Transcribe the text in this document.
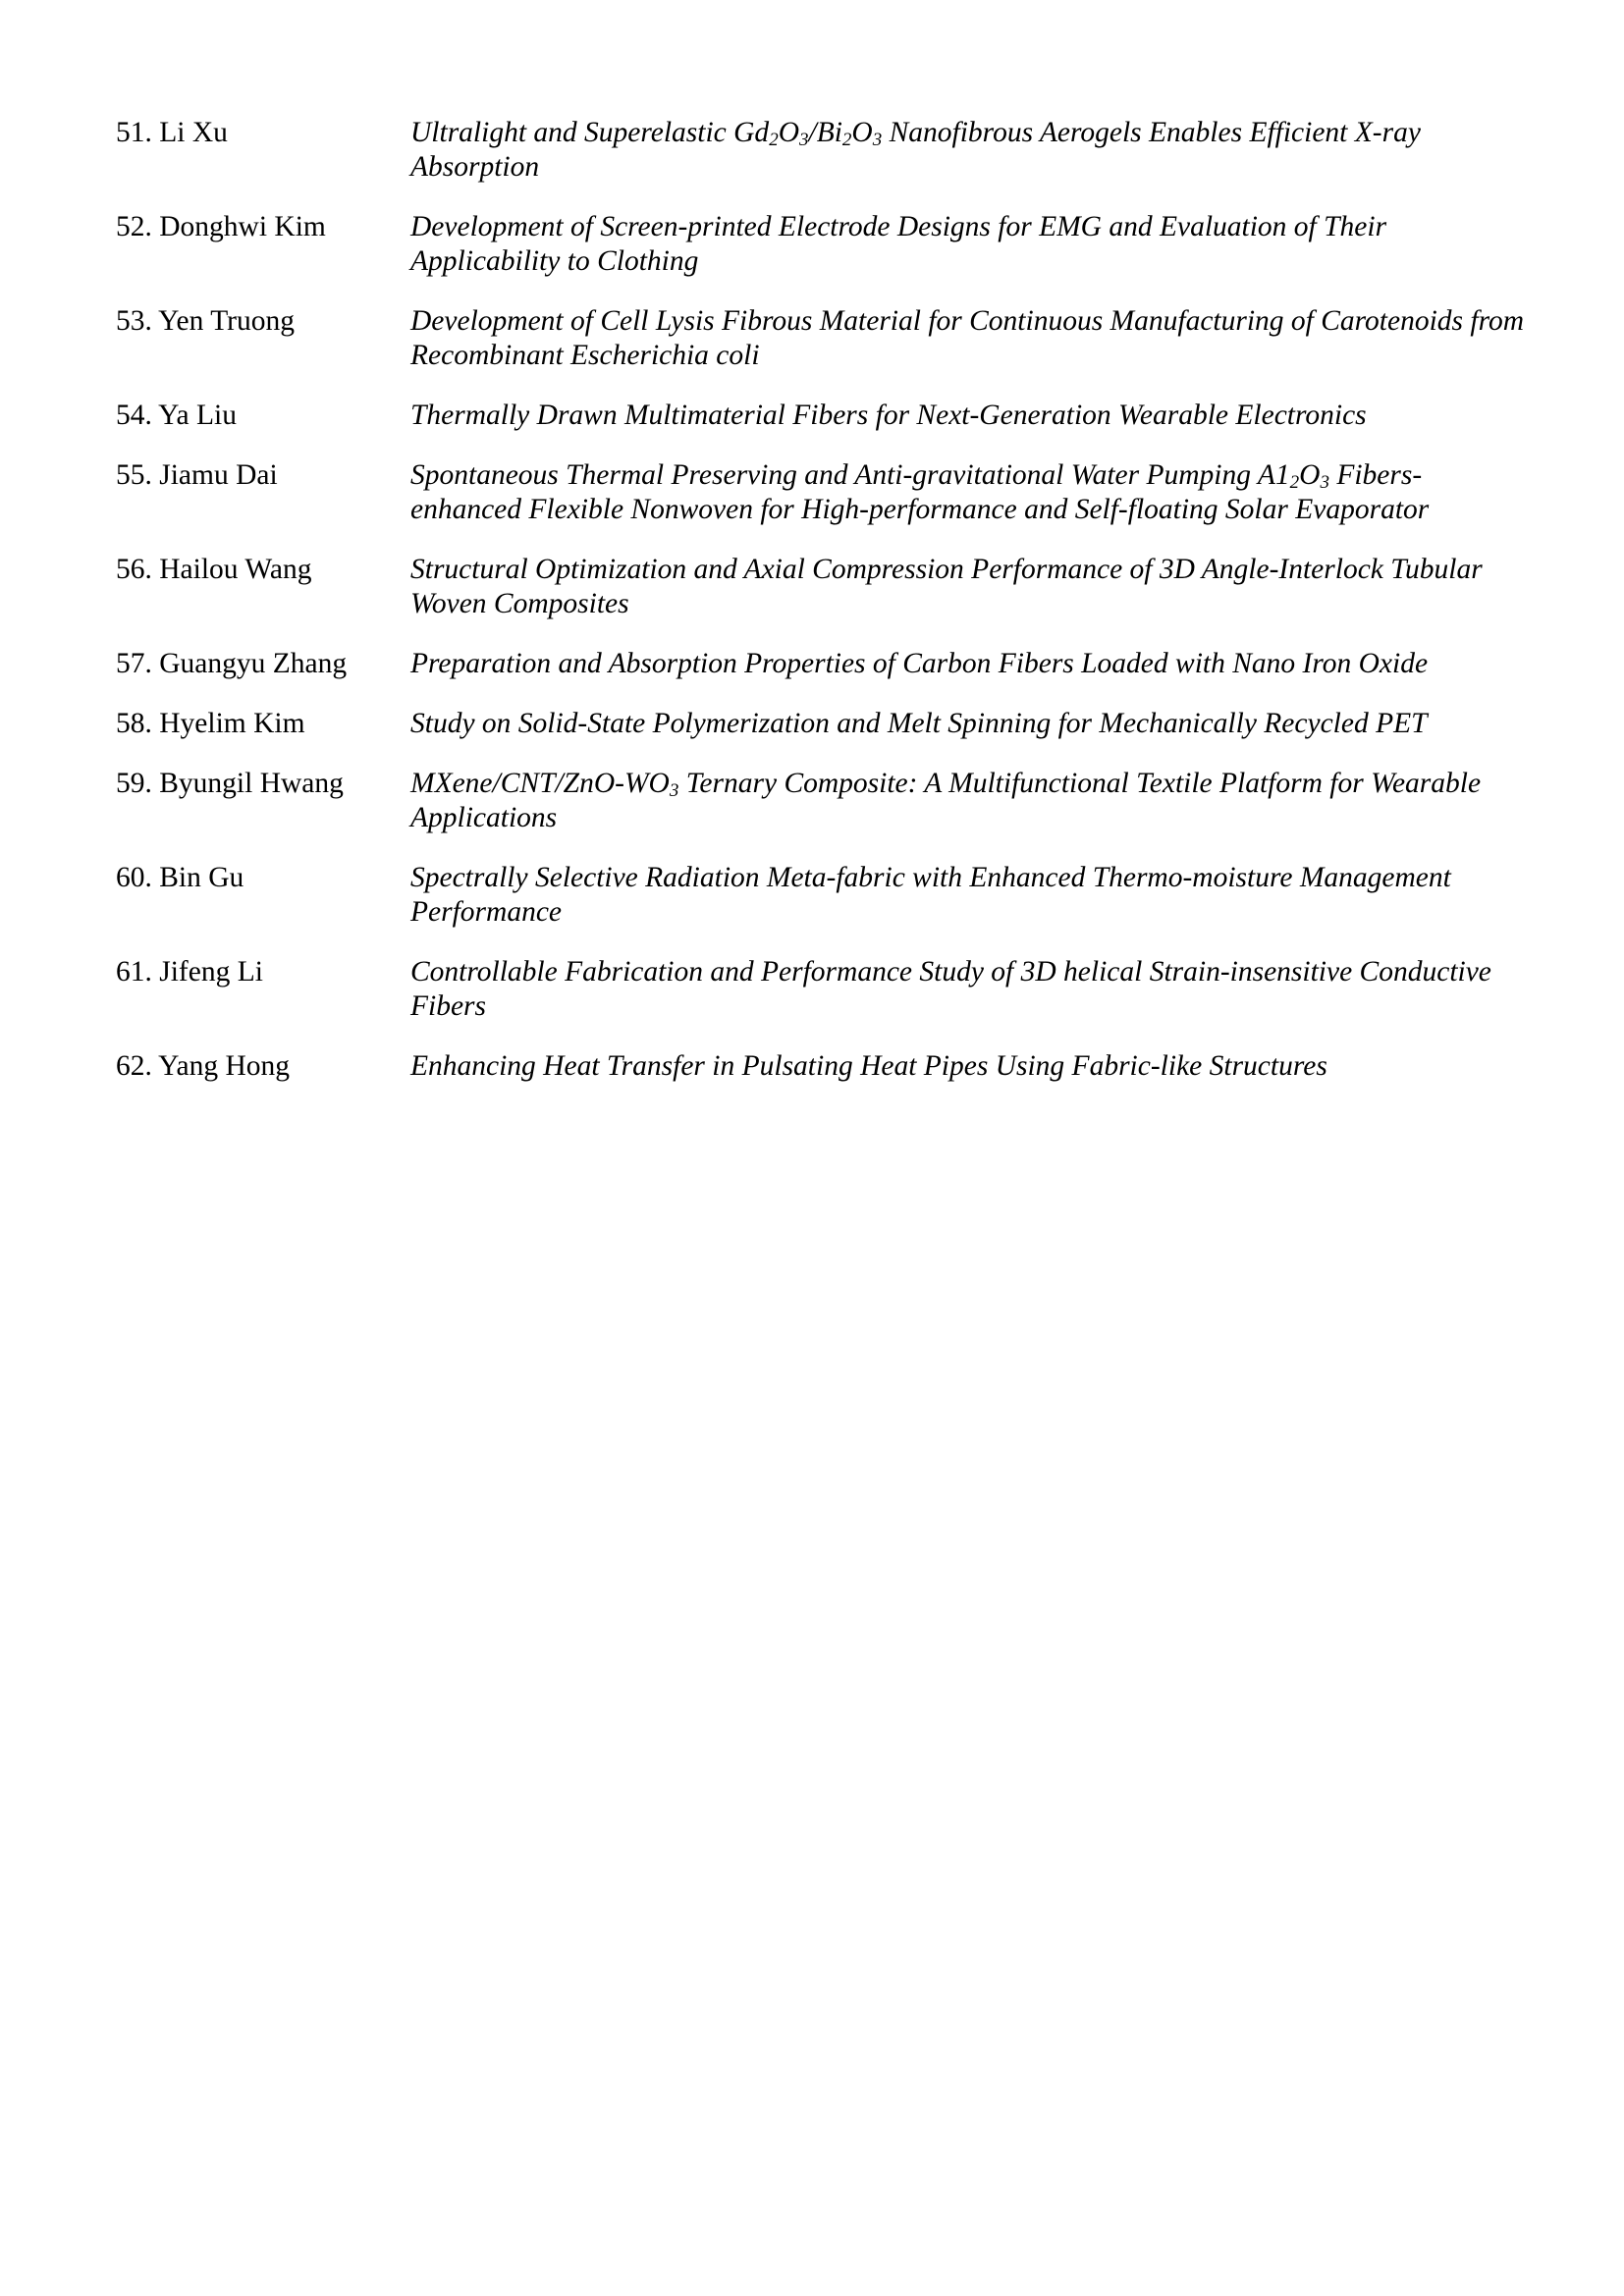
51. Li Xu	Ultralight and Superelastic $Gd_2O_3/Bi_2O_3$ Nanofibrous Aerogels Enables Efficient X-ray Absorption
52. Donghwi Kim	Development of Screen-printed Electrode Designs for EMG and Evaluation of Their Applicability to Clothing
53. Yen Truong	Development of Cell Lysis Fibrous Material for Continuous Manufacturing of Carotenoids from Recombinant Escherichia coli
54. Ya Liu	Thermally Drawn Multimaterial Fibers for Next-Generation Wearable Electronics
55. Jiamu Dai	Spontaneous Thermal Preserving and Anti-gravitational Water Pumping $A1_2O_3$ Fibers-enhanced Flexible Nonwoven for High-performance and Self-floating Solar Evaporator
56. Hailou Wang	Structural Optimization and Axial Compression Performance of 3D Angle-Interlock Tubular Woven Composites
57. Guangyu Zhang	Preparation and Absorption Properties of Carbon Fibers Loaded with Nano Iron Oxide
58. Hyelim Kim	Study on Solid-State Polymerization and Melt Spinning for Mechanically Recycled PET
59. Byungil Hwang	MXene/$CNT/ZnO-WO_3$ Ternary Composite: A Multifunctional Textile Platform for Wearable Applications
60. Bin Gu	Spectrally Selective Radiation Meta-fabric with Enhanced Thermo-moisture Management Performance
61. Jifeng Li	Controllable Fabrication and Performance Study of 3D helical Strain-insensitive Conductive Fibers
62. Yang Hong	Enhancing Heat Transfer in Pulsating Heat Pipes Using Fabric-like Structures
